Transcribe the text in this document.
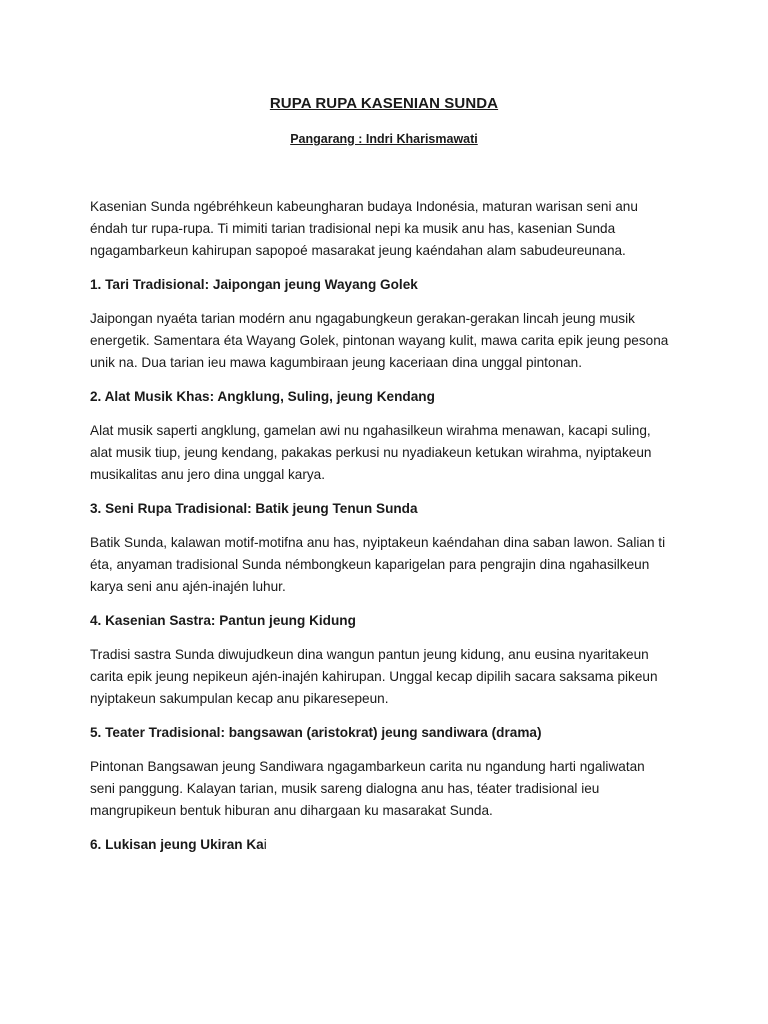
RUPA RUPA KASENIAN SUNDA
Pangarang : Indri Kharismawati

Kasenian Sunda ngébréhkeun kabeungharan budaya Indonésia, maturan warisan seni anu
éndah tur rupa-rupa. Ti mimiti tarian tradisional nepi ka musik anu has, kasenian Sunda
ngagambarkeun kahirupan sapopoé masarakat jeung kaéndahan alam sabudeureunana.

1. Tari Tradisional: Jaipongan jeung Wayang Golek

Jaipongan nyaéta tarian modérn anu ngagabungkeun gerakan-gerakan lincah jeung musik
energetik. Samentara éta Wayang Golek, pintonan wayang kulit, mawa carita epik jeung pesona
unik na. Dua tarian ieu mawa kagumbiraan jeung kaceriaan dina unggal pintonan.

2. Alat Musik Khas: Angklung, Suling, jeung Kendang

Alat musik saperti angklung, gamelan awi nu ngahasilkeun wirahma menawan, kacapi suling,
alat musik tiup, jeung kendang, pakakas perkusi nu nyadiakeun ketukan wirahma, nyiptakeun
musikalitas anu jero dina unggal karya.

3. Seni Rupa Tradisional: Batik jeung Tenun Sunda

Batik Sunda, kalawan motif-motifna anu has, nyiptakeun kaéndahan dina saban lawon. Salian ti
éta, anyaman tradisional Sunda némbongkeun kaparigelan para pengrajin dina ngahasilkeun
karya seni anu ajén-inajén luhur.

4. Kasenian Sastra: Pantun jeung Kidung

Tradisi sastra Sunda diwujudkeun dina wangun pantun jeung kidung, anu eusina nyaritakeun
carita epik jeung nepikeun ajén-inajén kahirupan. Unggal kecap dipilih sacara saksama pikeun
nyiptakeun sakumpulan kecap anu pikaresepeun.

5. Teater Tradisional: bangsawan (aristokrat) jeung sandiwara (drama)

Pintonan Bangsawan jeung Sandiwara ngagambarkeun carita nu ngandung harti ngaliwatan
seni panggung. Kalayan tarian, musik sareng dialogna anu has, téater tradisional ieu
mangrupikeun bentuk hiburan anu dihargaan ku masarakat Sunda.

6. Lukisan jeung Ukiran Kai
